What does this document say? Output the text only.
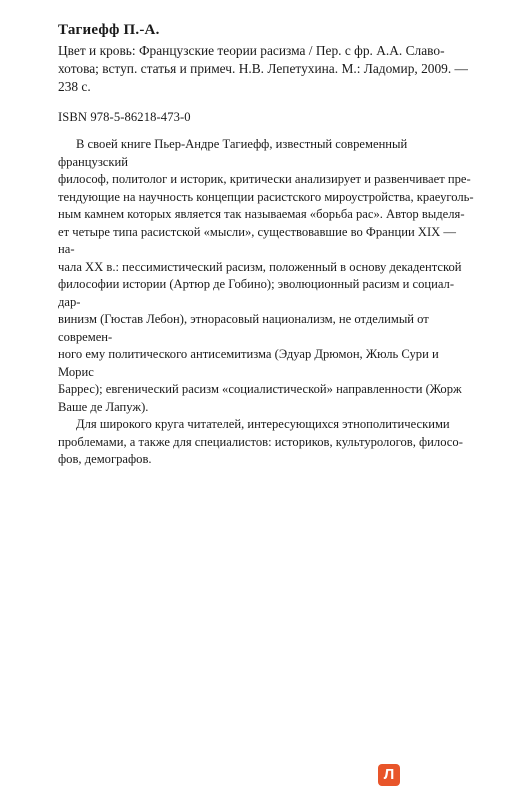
Тагиефф П.-А.
Цвет и кровь: Французские теории расизма / Пер. с фр. А.А. Славо-
хотова; вступ. статья и примеч. Н.В. Лепетухина. М.: Ладомир, 2009. —
238 с.
ISBN 978-5-86218-473-0
В своей книге Пьер-Андре Тагиефф, известный современный французский
философ, политолог и историк, критически анализирует и развенчивает пре-
тендующие на научность концепции расистского мироустройства, краеуголь-
ным камнем которых является так называемая «борьба рас». Автор выделя-
ет четыре типа расистской «мысли», существовавшие во Франции XIX — на-
чала XX в.: пессимистический расизм, положенный в основу декадентской
философии истории (Артюр де Гобино); эволюционный расизм и социал-дар-
винизм (Гюстав Лебон), этнорасовый национализм, не отделимый от современ-
ного ему политического антисемитизма (Эдуар Дрюмон, Жюль Сури и Морис
Баррес); евгенический расизм «социалистической» направленности (Жорж
Ваше де Лапуж).
Для широкого круга читателей, интересующихся этнополитическими
проблемами, а также для специалистов: историков, культурологов, филосо-
фов, демографов.
Л
